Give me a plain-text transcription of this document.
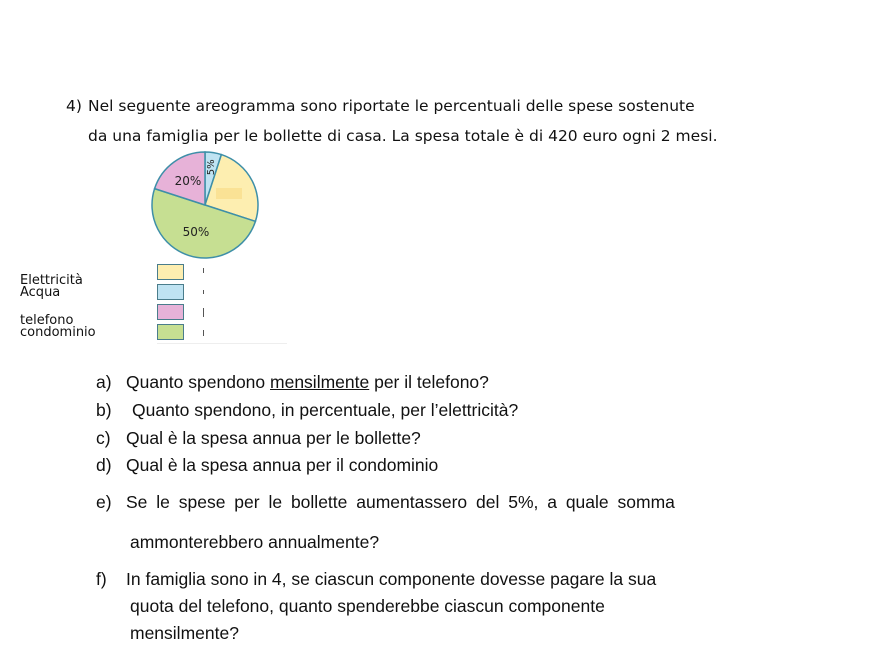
4) Nel seguente areogramma sono riportate le percentuali delle spese sostenute
da una famiglia per le bollette di casa. La spesa totale è di 420 euro ogni 2 mesi.
5%
50%
20%
Elettricità
Acqua
telefono
condominio
a) Quanto spendono mensilmente per il telefono?
b) Quanto spendono, in percentuale, per l’elettricità?
c) Qual è la spesa annua per le bollette?
d) Qual è la spesa annua per il condominio
e) Se le spese per le bollette aumentassero del 5%, a quale somma
ammonterebbero annualmente?
f) In famiglia sono in 4, se ciascun componente dovesse pagare la sua
quota del telefono, quanto spenderebbe ciascun componente
mensilmente?
